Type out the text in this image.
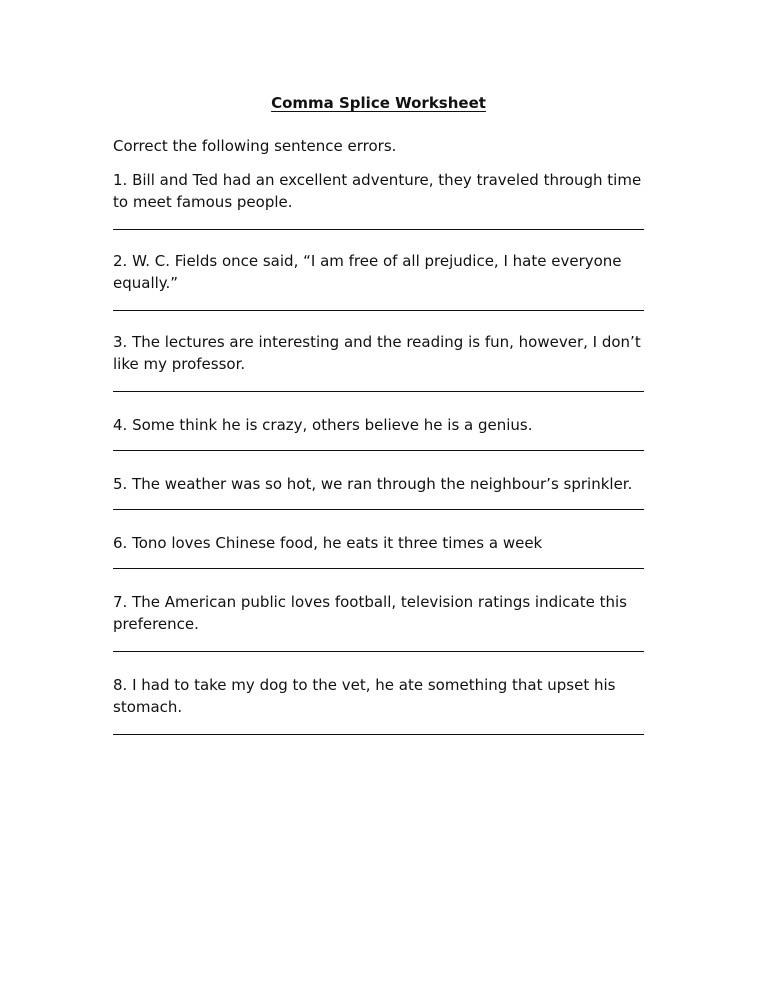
Comma Splice Worksheet

Correct the following sentence errors.

1. Bill and Ted had an excellent adventure, they traveled through time to meet famous people.

2. W. C. Fields once said, “I am free of all prejudice, I hate everyone equally.”

3. The lectures are interesting and the reading is fun, however, I don’t like my professor.

4. Some think he is crazy, others believe he is a genius.

5. The weather was so hot, we ran through the neighbour’s sprinkler.

6. Tono loves Chinese food, he eats it three times a week

7. The American public loves football, television ratings indicate this preference.

8. I had to take my dog to the vet, he ate something that upset his stomach.
